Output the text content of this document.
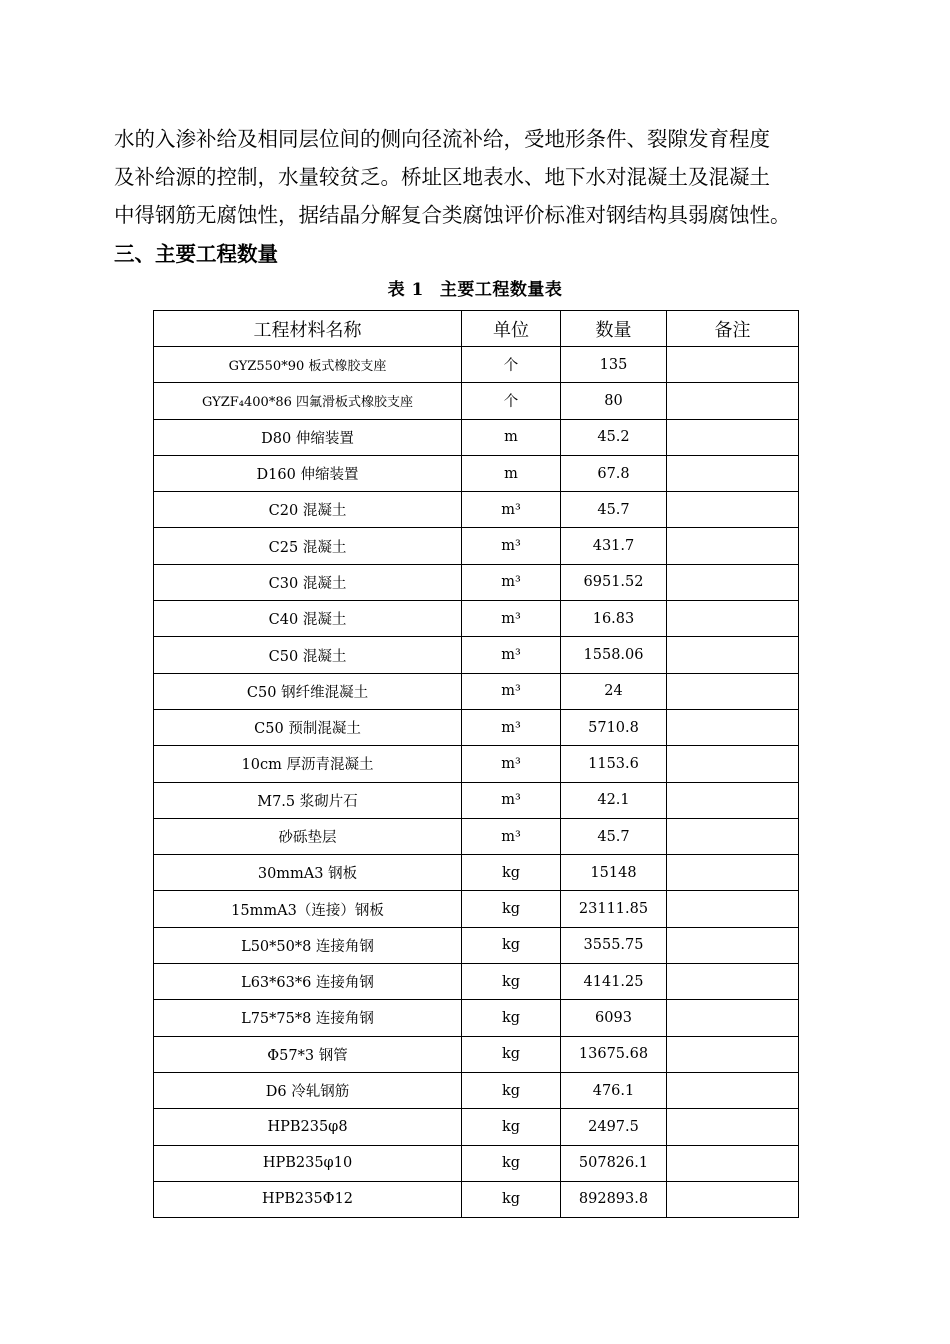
水的入渗补给及相同层位间的侧向径流补给，受地形条件、裂隙发育程度
及补给源的控制，水量较贫乏。桥址区地表水、地下水对混凝土及混凝土
中得钢筋无腐蚀性，据结晶分解复合类腐蚀评价标准对钢结构具弱腐蚀性。
三、主要工程数量
表 1 主要工程数量表
工程材料名称	单位	数量	备注
GYZ550*90 板式橡胶支座	个	135	
GYZF₄400*86 四氟滑板式橡胶支座	个	80	
D80 伸缩装置	m	45.2	
D160 伸缩装置	m	67.8	
C20 混凝土	m³	45.7	
C25 混凝土	m³	431.7	
C30 混凝土	m³	6951.52	
C40 混凝土	m³	16.83	
C50 混凝土	m³	1558.06	
C50 钢纤维混凝土	m³	24	
C50 预制混凝土	m³	5710.8	
10cm 厚沥青混凝土	m³	1153.6	
M7.5 浆砌片石	m³	42.1	
砂砾垫层	m³	45.7	
30mmA3 钢板	kg	15148	
15mmA3（连接）钢板	kg	23111.85	
L50*50*8 连接角钢	kg	3555.75	
L63*63*6 连接角钢	kg	4141.25	
L75*75*8 连接角钢	kg	6093	
Φ57*3 钢管	kg	13675.68	
D6 冷轧钢筋	kg	476.1	
HPB235φ8	kg	2497.5	
HPB235φ10	kg	507826.1	
HPB235Φ12	kg	892893.8	
